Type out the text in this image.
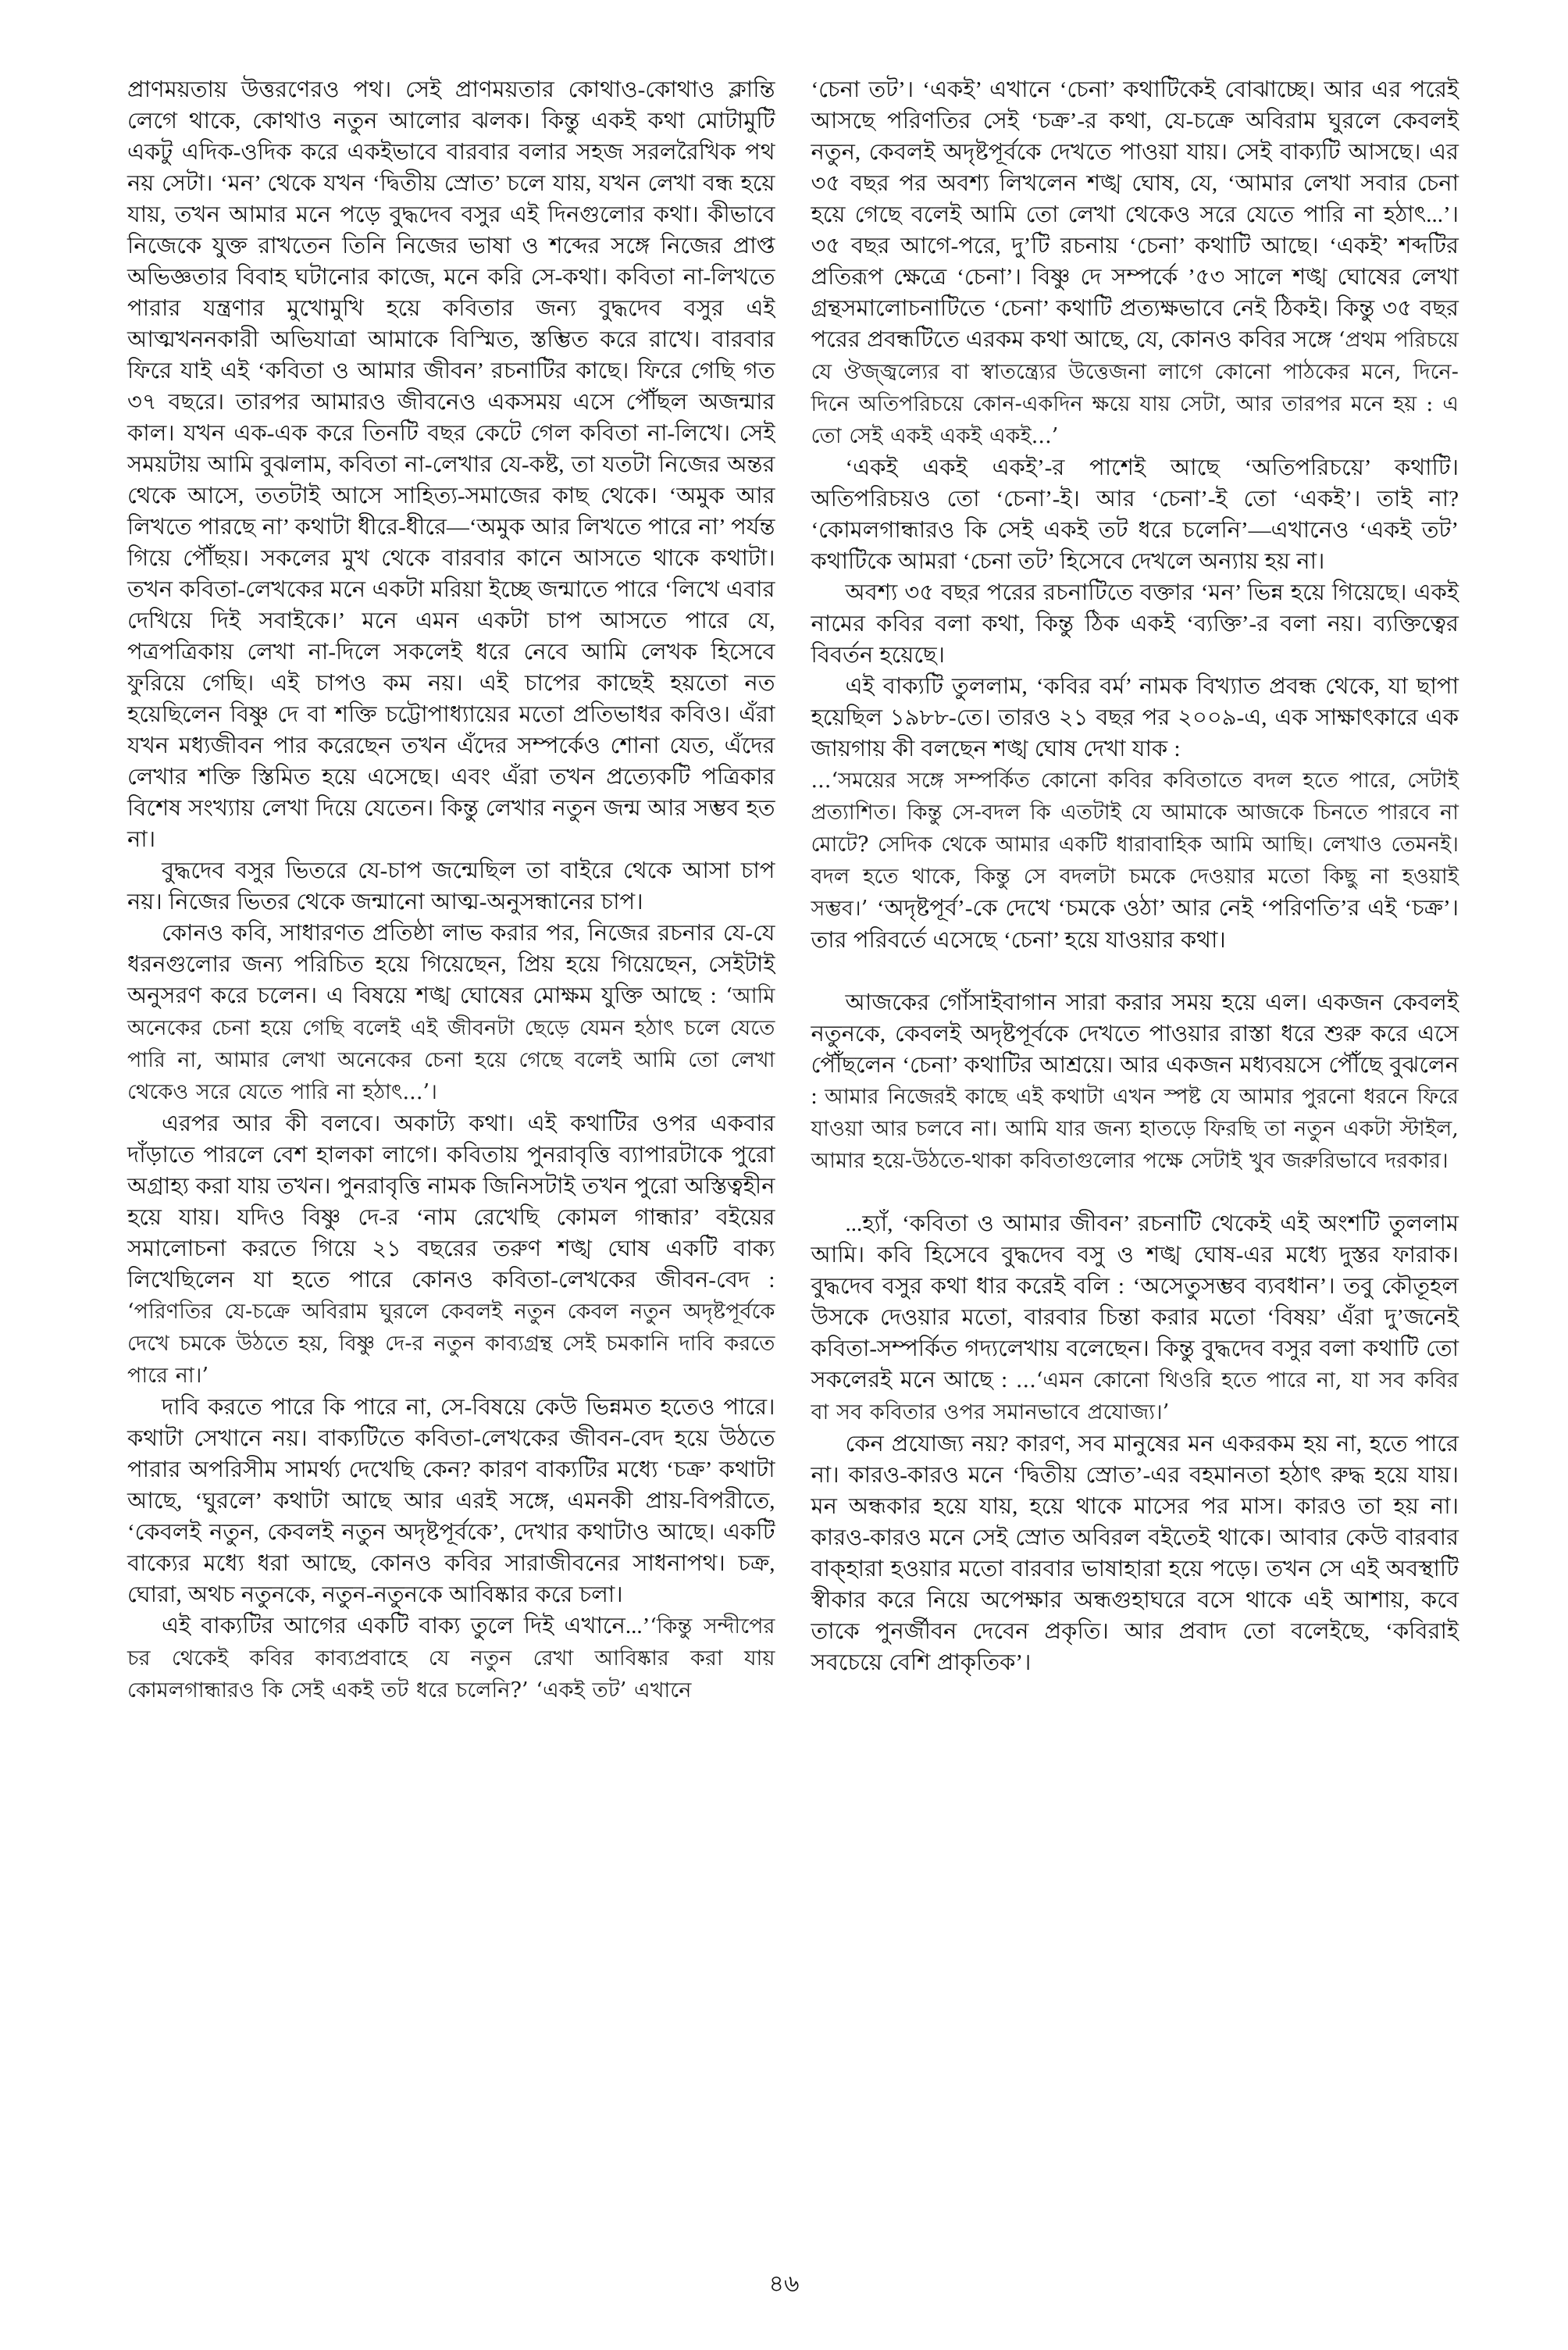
প্রাণময়তায় উত্তরণেরও পথ। সেই প্রাণময়তার কোথাও-কোথাও ক্লান্তি লেগে থাকে, কোথাও নতুন আলোর ঝলক। কিন্তু একই কথা মোটামুটি একটু এদিক-ওদিক করে একইভাবে বারবার বলার সহজ সরলরৈখিক পথ নয় সেটা। ‘মন’ থেকে যখন ‘দ্বিতীয় স্রোত’ চলে যায়, যখন লেখা বন্ধ হয়ে যায়, তখন আমার মনে পড়ে বুদ্ধদেব বসুর এই দিনগুলোর কথা। কীভাবে নিজেকে যুক্ত রাখতেন তিনি নিজের ভাষা ও শব্দের সঙ্গে নিজের প্রাপ্ত অভিজ্ঞতার বিবাহ ঘটানোর কাজে, মনে করি সে-কথা। কবিতা না-লিখতে পারার যন্ত্রণার মুখোমুখি হয়ে কবিতার জন্য বুদ্ধদেব বসুর এই আত্মখননকারী অভিযাত্রা আমাকে বিস্মিত, স্তম্ভিত করে রাখে। বারবার ফিরে যাই এই ‘কবিতা ও আমার জীবন’ রচনাটির কাছে। ফিরে গেছি গত ৩৭ বছরে। তারপর আমারও জীবনেও একসময় এসে পৌঁছল অজন্মার কাল। যখন এক-এক করে তিনটি বছর কেটে গেল কবিতা না-লিখে। সেই সময়টায় আমি বুঝলাম, কবিতা না-লেখার যে-কষ্ট, তা যতটা নিজের অন্তর থেকে আসে, ততটাই আসে সাহিত্য-সমাজের কাছ থেকে। ‘অমুক আর লিখতে পারছে না’ কথাটা ধীরে-ধীরে—‘অমুক আর লিখতে পারে না’ পর্যন্ত গিয়ে পৌঁছয়। সকলের মুখ থেকে বারবার কানে আসতে থাকে কথাটা। তখন কবিতা-লেখকের মনে একটা মরিয়া ইচ্ছে জন্মাতে পারে ‘লিখে এবার দেখিয়ে দিই সবাইকে।’ মনে এমন একটা চাপ আসতে পারে যে, পত্রপত্রিকায় লেখা না-দিলে সকলেই ধরে নেবে আমি লেখক হিসেবে ফুরিয়ে গেছি। এই চাপও কম নয়। এই চাপের কাছেই হয়তো নত হয়েছিলেন বিষ্ণু দে বা শক্তি চট্টোপাধ্যায়ের মতো প্রতিভাধর কবিও। এঁরা যখন মধ্যজীবন পার করেছেন তখন এঁদের সম্পর্কেও শোনা যেত, এঁদের লেখার শক্তি স্তিমিত হয়ে এসেছে। এবং এঁরা তখন প্রত্যেকটি পত্রিকার বিশেষ সংখ্যায় লেখা দিয়ে যেতেন। কিন্তু লেখার নতুন জন্ম আর সম্ভব হত না।

বুদ্ধদেব বসুর ভিতরে যে-চাপ জন্মেছিল তা বাইরে থেকে আসা চাপ নয়। নিজের ভিতর থেকে জন্মানো আত্ম-অনুসন্ধানের চাপ।

কোনও কবি, সাধারণত প্রতিষ্ঠা লাভ করার পর, নিজের রচনার যে-যে ধরনগুলোর জন্য পরিচিত হয়ে গিয়েছেন, প্রিয় হয়ে গিয়েছেন, সেইটাই অনুসরণ করে চলেন। এ বিষয়ে শঙ্খ ঘোষের মোক্ষম যুক্তি আছে : ‘আমি অনেকের চেনা হয়ে গেছি বলেই এই জীবনটা ছেড়ে যেমন হঠাৎ চলে যেতে পারি না, আমার লেখা অনেকের চেনা হয়ে গেছে বলেই আমি তো লেখা থেকেও সরে যেতে পারি না হঠাৎ...’।

এরপর আর কী বলবে। অকাট্য কথা। এই কথাটির ওপর একবার দাঁড়াতে পারলে বেশ হালকা লাগে। কবিতায় পুনরাবৃত্তি ব্যাপারটাকে পুরো অগ্রাহ্য করা যায় তখন। পুনরাবৃত্তি নামক জিনিসটাই তখন পুরো অস্তিত্বহীন হয়ে যায়। যদিও বিষ্ণু দে-র ‘নাম রেখেছি কোমল গান্ধার’ বইয়ের সমালোচনা করতে গিয়ে ২১ বছরের তরুণ শঙ্খ ঘোষ একটি বাক্য লিখেছিলেন যা হতে পারে কোনও কবিতা-লেখকের জীবন-বেদ : ‘পরিণতির যে-চক্রে অবিরাম ঘুরলে কেবলই নতুন কেবল নতুন অদৃষ্টপূর্বকে দেখে চমকে উঠতে হয়, বিষ্ণু দে-র নতুন কাব্যগ্রন্থ সেই চমকানি দাবি করতে পারে না।’

দাবি করতে পারে কি পারে না, সে-বিষয়ে কেউ ভিন্নমত হতেও পারে। কথাটা সেখানে নয়। বাক্যটিতে কবিতা-লেখকের জীবন-বেদ হয়ে উঠতে পারার অপরিসীম সামর্থ্য দেখেছি কেন? কারণ বাক্যটির মধ্যে ‘চক্র’ কথাটা আছে, ‘ঘুরলে’ কথাটা আছে আর এরই সঙ্গে, এমনকী প্রায়-বিপরীতে, ‘কেবলই নতুন, কেবলই নতুন অদৃষ্টপূর্বকে’, দেখার কথাটাও আছে। একটি বাক্যের মধ্যে ধরা আছে, কোনও কবির সারাজীবনের সাধনাপথ। চক্র, ঘোরা, অথচ নতুনকে, নতুন-নতুনকে আবিষ্কার করে চলা।

এই বাক্যটির আগের একটি বাক্য তুলে দিই এখানে...’‘কিন্তু সন্দীপের চর থেকেই কবির কাব্যপ্রবাহে যে নতুন রেখা আবিষ্কার করা যায় কোমলগান্ধারও কি সেই একই তট ধরে চলেনি?’ ‘একই তট’ এখানে

‘চেনা তট’। ‘একই’ এখানে ‘চেনা’ কথাটিকেই বোঝাচ্ছে। আর এর পরেই আসছে পরিণতির সেই ‘চক্র’-র কথা, যে-চক্রে অবিরাম ঘুরলে কেবলই নতুন, কেবলই অদৃষ্টপূর্বকে দেখতে পাওয়া যায়। সেই বাক্যটি আসছে। এর ৩৫ বছর পর অবশ্য লিখলেন শঙ্খ ঘোষ, যে, ‘আমার লেখা সবার চেনা হয়ে গেছে বলেই আমি তো লেখা থেকেও সরে যেতে পারি না হঠাৎ...’। ৩৫ বছর আগে-পরে, দু’টি রচনায় ‘চেনা’ কথাটি আছে। ‘একই’ শব্দটির প্রতিরূপ ক্ষেত্রে ‘চেনা’। বিষ্ণু দে সম্পর্কে ’৫৩ সালে শঙ্খ ঘোষের লেখা গ্রন্থসমালোচনাটিতে ‘চেনা’ কথাটি প্রত্যক্ষভাবে নেই ঠিকই। কিন্তু ৩৫ বছর পরের প্রবন্ধটিতে এরকম কথা আছে, যে, কোনও কবির সঙ্গে ‘প্রথম পরিচয়ে যে ঔজ্জ্বল্যের বা স্বাতন্ত্র্যের উত্তেজনা লাগে কোনো পাঠকের মনে, দিনে-দিনে অতিপরিচয়ে কোন-একদিন ক্ষয়ে যায় সেটা, আর তারপর মনে হয় : এ তো সেই একই একই একই...’

‘একই একই একই’-র পাশেই আছে ‘অতিপরিচয়ে’ কথাটি। অতিপরিচয়ও তো ‘চেনা’-ই। আর ‘চেনা’-ই তো ‘একই’। তাই না? ‘কোমলগান্ধারও কি সেই একই তট ধরে চলেনি’—এখানেও ‘একই তট’ কথাটিকে আমরা ‘চেনা তট’ হিসেবে দেখলে অন্যায় হয় না।

অবশ্য ৩৫ বছর পরের রচনাটিতে বক্তার ‘মন’ ভিন্ন হয়ে গিয়েছে। একই নামের কবির বলা কথা, কিন্তু ঠিক একই ‘ব্যক্তি’-র বলা নয়। ব্যক্তিত্বের বিবর্তন হয়েছে।

এই বাক্যটি তুললাম, ‘কবির বর্ম’ নামক বিখ্যাত প্রবন্ধ থেকে, যা ছাপা হয়েছিল ১৯৮৮-তে। তারও ২১ বছর পর ২০০৯-এ, এক সাক্ষাৎকারে এক জায়গায় কী বলছেন শঙ্খ ঘোষ দেখা যাক :

...‘সময়ের সঙ্গে সম্পর্কিত কোনো কবির কবিতাতে বদল হতে পারে, সেটাই প্রত্যাশিত। কিন্তু সে-বদল কি এতটাই যে আমাকে আজকে চিনতে পারবে না মোটে? সেদিক থেকে আমার একটি ধারাবাহিক আমি আছি। লেখাও তেমনই। বদল হতে থাকে, কিন্তু সে বদলটা চমকে দেওয়ার মতো কিছু না হওয়াই সম্ভব।’ ‘অদৃষ্টপূর্ব’-কে দেখে ‘চমকে ওঠা’ আর নেই ‘পরিণতি’র এই ‘চক্র’। তার পরিবর্তে এসেছে ‘চেনা’ হয়ে যাওয়ার কথা।

আজকের গোঁসাইবাগান সারা করার সময় হয়ে এল। একজন কেবলই নতুনকে, কেবলই অদৃষ্টপূর্বকে দেখতে পাওয়ার রাস্তা ধরে শুরু করে এসে পৌঁছলেন ‘চেনা’ কথাটির আশ্রয়ে। আর একজন মধ্যবয়সে পৌঁছে বুঝলেন : আমার নিজেরই কাছে এই কথাটা এখন স্পষ্ট যে আমার পুরনো ধরনে ফিরে যাওয়া আর চলবে না। আমি যার জন্য হাতড়ে ফিরছি তা নতুন একটা স্টাইল, আমার হয়ে-উঠতে-থাকা কবিতাগুলোর পক্ষে সেটাই খুব জরুরিভাবে দরকার।

...হ্যাঁ, ‘কবিতা ও আমার জীবন’ রচনাটি থেকেই এই অংশটি তুললাম আমি। কবি হিসেবে বুদ্ধদেব বসু ও শঙ্খ ঘোষ-এর মধ্যে দুস্তর ফারাক। বুদ্ধদেব বসুর কথা ধার করেই বলি : ‘অসেতুসম্ভব ব্যবধান’। তবু কৌতূহল উসকে দেওয়ার মতো, বারবার চিন্তা করার মতো ‘বিষয়’ এঁরা দু’জনেই কবিতা-সম্পর্কিত গদ্যলেখায় বলেছেন। কিন্তু বুদ্ধদেব বসুর বলা কথাটি তো সকলেরই মনে আছে : ...‘এমন কোনো থিওরি হতে পারে না, যা সব কবির বা সব কবিতার ওপর সমানভাবে প্রযোজ্য।’

কেন প্রযোজ্য নয়? কারণ, সব মানুষের মন একরকম হয় না, হতে পারে না। কারও-কারও মনে ‘দ্বিতীয় স্রোত’-এর বহমানতা হঠাৎ রুদ্ধ হয়ে যায়। মন অন্ধকার হয়ে যায়, হয়ে থাকে মাসের পর মাস। কারও তা হয় না। কারও-কারও মনে সেই স্রোত অবিরল বইতেই থাকে। আবার কেউ বারবার বাক্‌হারা হওয়ার মতো বারবার ভাষাহারা হয়ে পড়ে। তখন সে এই অবস্থাটি স্বীকার করে নিয়ে অপেক্ষার অন্ধগুহাঘরে বসে থাকে এই আশায়, কবে তাকে পুনর্জীবন দেবেন প্রকৃতি। আর প্রবাদ তো বলেইছে, ‘কবিরাই সবচেয়ে বেশি প্রাকৃতিক’।

৪৬
